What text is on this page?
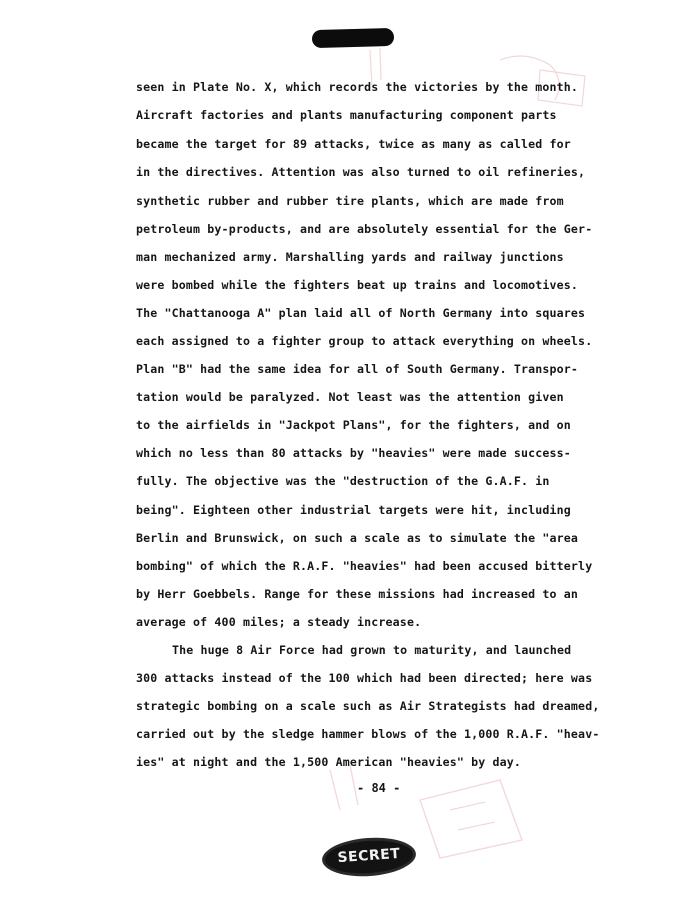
SECRET
seen in Plate No. X, which records the victories by the month.
Aircraft factories and plants manufacturing component parts
became the target for 89 attacks, twice as many as called for
in the directives. Attention was also turned to oil refineries,
synthetic rubber and rubber tire plants, which are made from
petroleum by-products, and are absolutely essential for the Ger-
man mechanized army. Marshalling yards and railway junctions
were bombed while the fighters beat up trains and locomotives.
The "Chattanooga A" plan laid all of North Germany into squares
each assigned to a fighter group to attack everything on wheels.
Plan "B" had the same idea for all of South Germany. Transpor-
tation would be paralyzed. Not least was the attention given
to the airfields in "Jackpot Plans", for the fighters, and on
which no less than 80 attacks by "heavies" were made success-
fully. The objective was the "destruction of the G.A.F. in
being". Eighteen other industrial targets were hit, including
Berlin and Brunswick, on such a scale as to simulate the "area
bombing" of which the R.A.F. "heavies" had been accused bitterly
by Herr Goebbels. Range for these missions had increased to an
average of 400 miles; a steady increase.
The huge 8 Air Force had grown to maturity, and launched
300 attacks instead of the 100 which had been directed; here was
strategic bombing on a scale such as Air Strategists had dreamed,
carried out by the sledge hammer blows of the 1,000 R.A.F. "heav-
ies" at night and the 1,500 American "heavies" by day.
- 84 -
SECRET
